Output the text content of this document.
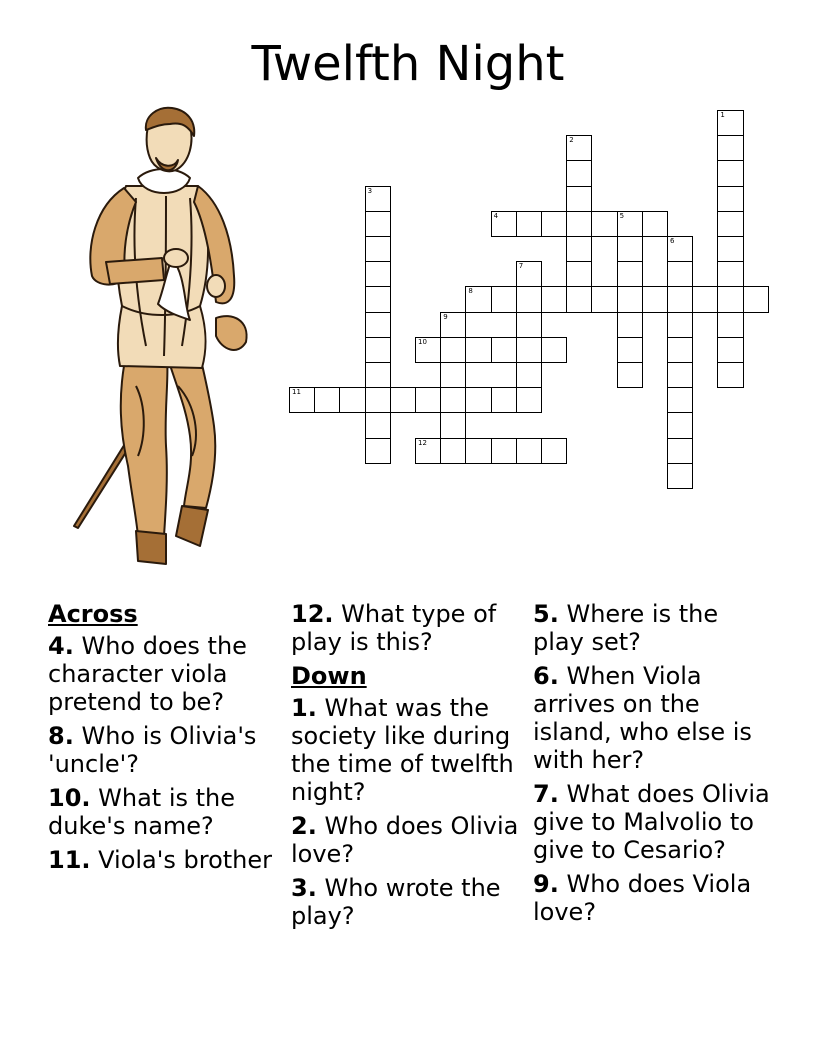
Twelfth Night
1
2
3
4	5
6
7
8
9
10
11
12
Across
4. Who does the character viola pretend to be?
8. Who is Olivia's 'uncle'?
10. What is the duke's name?
11. Viola's brother
12. What type of play is this?
Down
1. What was the society like during the time of twelfth night?
2. Who does Olivia love?
3. Who wrote the play?
5. Where is the play set?
6. When Viola arrives on the island, who else is with her?
7. What does Olivia give to Malvolio to give to Cesario?
9. Who does Viola love?
